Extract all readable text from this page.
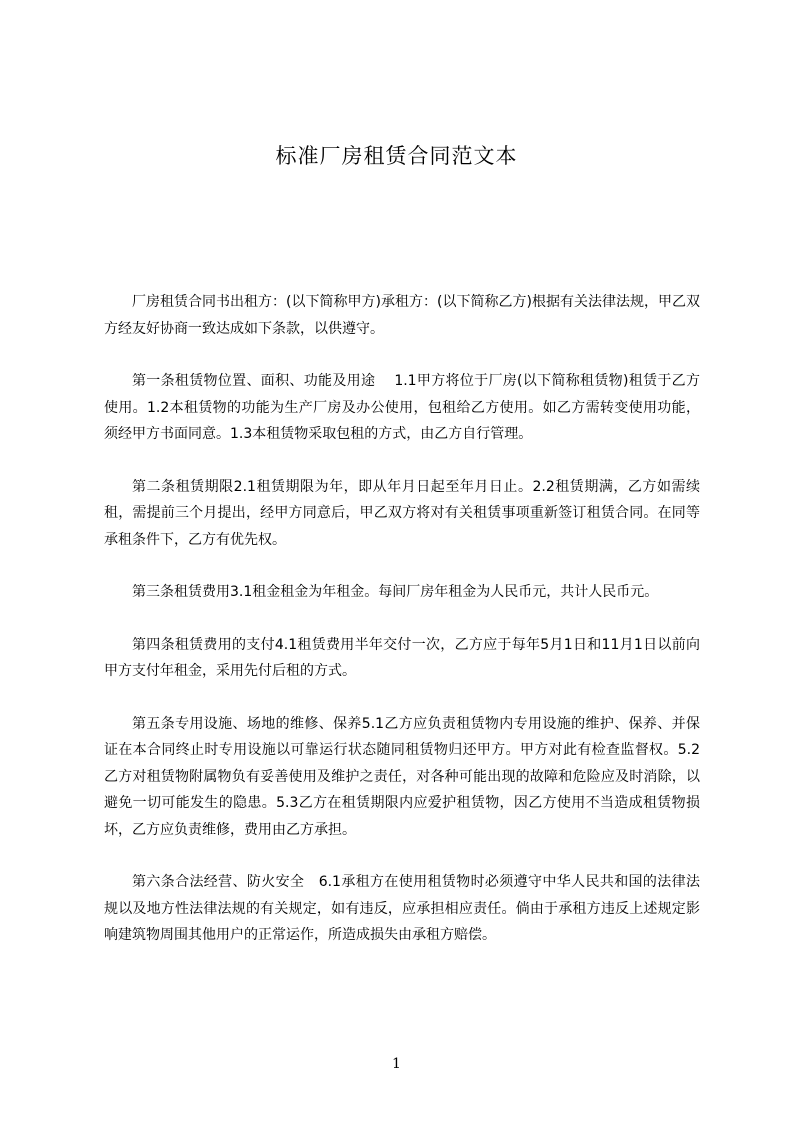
标准厂房租赁合同范文本

厂房租赁合同书出租方：(以下简称甲方)承租方：(以下简称乙方)根据有关法律法规，甲乙双方经友好协商一致达成如下条款，以供遵守。

第一条租赁物位置、面积、功能及用途　 1.1甲方将位于厂房(以下简称租赁物)租赁于乙方使用。1.2本租赁物的功能为生产厂房及办公使用，包租给乙方使用。如乙方需转变使用功能，须经甲方书面同意。1.3本租赁物采取包租的方式，由乙方自行管理。

第二条租赁期限2.1租赁期限为年，即从年月日起至年月日止。2.2租赁期满，乙方如需续租，需提前三个月提出，经甲方同意后，甲乙双方将对有关租赁事项重新签订租赁合同。在同等承租条件下，乙方有优先权。

第三条租赁费用3.1租金租金为年租金。每间厂房年租金为人民币元，共计人民币元。

第四条租赁费用的支付4.1租赁费用半年交付一次，乙方应于每年5月1日和11月1日以前向甲方支付年租金，采用先付后租的方式。

第五条专用设施、场地的维修、保养5.1乙方应负责租赁物内专用设施的维护、保养、并保证在本合同终止时专用设施以可靠运行状态随同租赁物归还甲方。甲方对此有检查监督权。5.2乙方对租赁物附属物负有妥善使用及维护之责任，对各种可能出现的故障和危险应及时消除，以避免一切可能发生的隐患。5.3乙方在租赁期限内应爱护租赁物，因乙方使用不当造成租赁物损坏，乙方应负责维修，费用由乙方承担。

第六条合法经营、防火安全　6.1承租方在使用租赁物时必须遵守中华人民共和国的法律法规以及地方性法律法规的有关规定，如有违反，应承担相应责任。倘由于承租方违反上述规定影响建筑物周围其他用户的正常运作，所造成损失由承租方赔偿。

1
